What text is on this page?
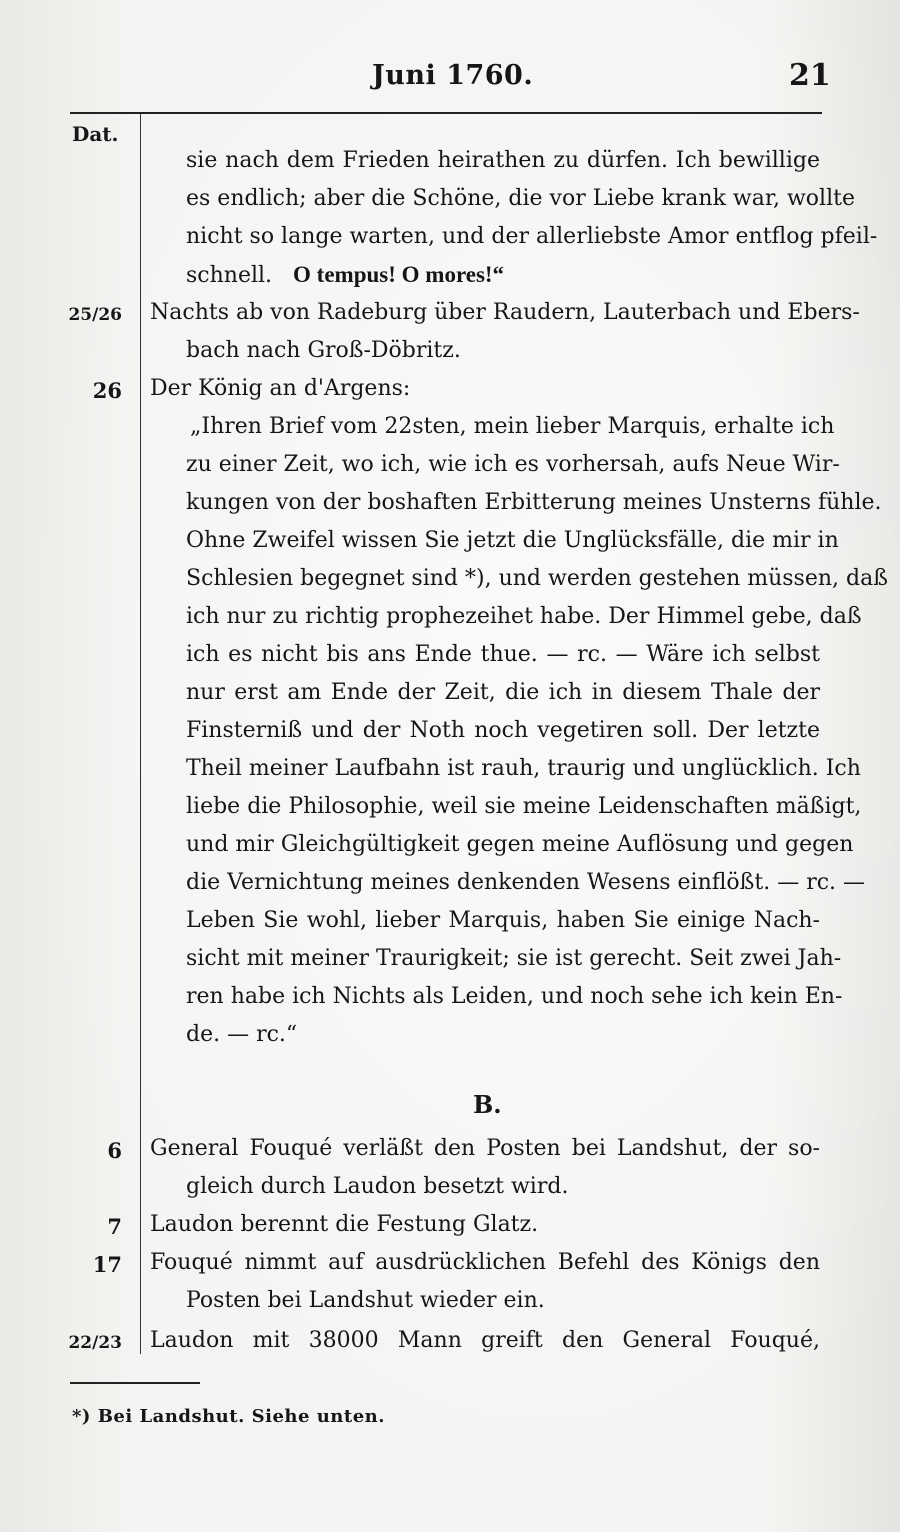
Juni 1760.	21
Dat.
sie nach dem Frieden heirathen zu dürfen. Ich bewillige
es endlich; aber die Schöne, die vor Liebe krank war, wollte
nicht so lange warten, und der allerliebste Amor entflog pfeil-
schnell. O tempus! O mores!“
25/26 Nachts ab von Radeburg über Raudern, Lauterbach und Ebers-
bach nach Groß-Döbritz.
26 Der König an d'Argens:
„Ihren Brief vom 22sten, mein lieber Marquis, erhalte ich
zu einer Zeit, wo ich, wie ich es vorhersah, aufs Neue Wir-
kungen von der boshaften Erbitterung meines Unsterns fühle.
Ohne Zweifel wissen Sie jetzt die Unglücksfälle, die mir in
Schlesien begegnet sind *), und werden gestehen müssen, daß
ich nur zu richtig prophezeihet habe. Der Himmel gebe, daß
ich es nicht bis ans Ende thue. — rc. — Wäre ich selbst
nur erst am Ende der Zeit, die ich in diesem Thale der
Finsterniß und der Noth noch vegetiren soll. Der letzte
Theil meiner Laufbahn ist rauh, traurig und unglücklich. Ich
liebe die Philosophie, weil sie meine Leidenschaften mäßigt,
und mir Gleichgültigkeit gegen meine Auflösung und gegen
die Vernichtung meines denkenden Wesens einflößt. — rc. —
Leben Sie wohl, lieber Marquis, haben Sie einige Nach-
sicht mit meiner Traurigkeit; sie ist gerecht. Seit zwei Jah-
ren habe ich Nichts als Leiden, und noch sehe ich kein En-
de. — rc.“
B.
6 General Fouqué verläßt den Posten bei Landshut, der so-
gleich durch Laudon besetzt wird.
7 Laudon berennt die Festung Glatz.
17 Fouqué nimmt auf ausdrücklichen Befehl des Königs den
Posten bei Landshut wieder ein.
22/23 Laudon mit 38000 Mann greift den General Fouqué,
*) Bei Landshut. Siehe unten.
